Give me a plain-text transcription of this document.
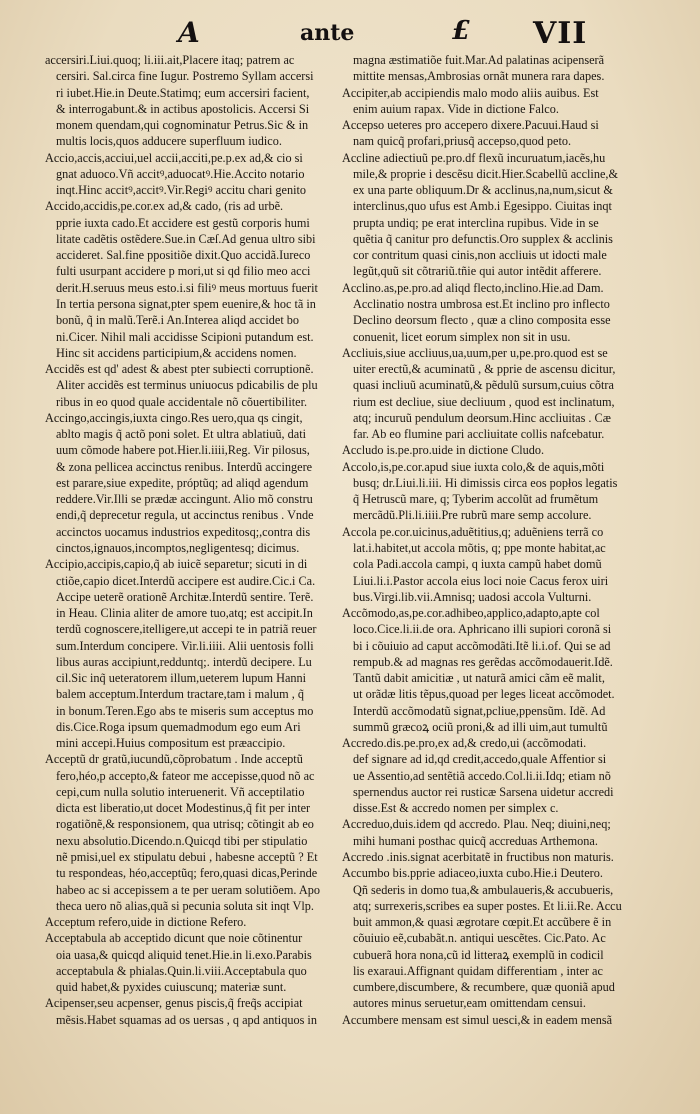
A	ante	£ VII
accersiri.Liui.quoq; li.iii.ait,Placere itaq; patrem ac
cersiri. Sal.circa fine Iugur. Postremo Syllam accersi
ri iubet.Hie.in Deute.Statimq; eum accersiri facient,
& interrogabunt.& in actibus apostolicis. Accersi Si
monem quendam,qui cognominatur Petrus.Sic & in
multis locis,quos adducere superfluum iudico.
Accio,accis,acciui,uel accii,acciti,pe.p.ex ad,& cio si
gnat aduoco.Vñ accitꝰ,aduocatꝰ.Hie.Accito notario
inqt.Hinc accitꝰ,accitꝰ.Vir.Regiꝰ accitu chari genito
Accido,accidis,pe.cor.ex ad,& cado, (ris ad urbẽ.
pprie iuxta cado.Et accidere est gestũ corporis humi
litate cadẽtis ostẽdere.Sue.in Cæſ.Ad genua ultro sibi
accideret. Sal.fine ppositiõe dixit.Quo accidã.Iureco
fulti usurpant accidere p mori,ut si qd filio meo acci
derit.H.seruus meus esto.i.si filiꝰ meus mortuus fuerit
In tertia persona signat,pter spem euenire,& hoc tã in
bonũ, q̃ in malũ.Terẽ.i An.Interea aliqd accidet bo
ni.Cicer. Nihil mali accidisse Scipioni putandum est.
Hinc sit accidens participium,& accidens nomen.
Accidẽs est qd' adest & abest pter subiecti corruptionẽ.
Aliter accidẽs est terminus uniuocus pdicabilis de plu
ribus in eo quod quale accidentale nõ cõuertibiliter.
Accingo,accingis,iuxta cingo.Res uero,qua qs cingit,
ablto magis q̃ actõ poni solet. Et ultra ablatiuũ, dati
uum cõmode habere pot.Hier.li.iiii,Reg. Vir pilosus,
& zona pellicea accinctus renibus. Interdũ accingere
est parare,siue expedite, próptũq; ad aliqd agendum
reddere.Vir.Illi se prædæ accingunt. Alio mõ constru
endi,q̃ deprecetur regula, ut accinctus renibus . Vnde
accinctos uocamus industrios expeditosq;,contra dis
cinctos,ignauos,incomptos,negligentesq; dicimus.
Accipio,accipis,capio,q̃ ab iuicẽ separetur; sicuti in di
ctiõe,capio dicet.Interdũ accipere est audire.Cic.i Ca.
Accipe ueterẽ orationẽ Architæ.Interdũ sentire. Terẽ.
in Heau. Clinia aliter de amore tuo,atq; est accipit.In
terdũ cognoscere,itelligere,ut accepi te in patriã reuer
sum.Interdum concipere. Vir.li.iiii. Alii uentosis folli
libus auras accipiunt,redduntq;. interdũ decipere. Lu
cil.Sic inq̃ ueteratorem illum,ueterem lupum Hanni
balem acceptum.Interdum tractare,tam i malum , q̃
in bonum.Teren.Ego abs te miseris sum acceptus mo
dis.Cice.Roga ipsum quemadmodum ego eum Ari
mini accepi.Huius compositum est præaccipio.
Acceptũ dr gratũ,iucundũ,cõprobatum . Inde acceptũ
fero,héo,p accepto,& fateor me accepisse,quod nõ ac
cepi,cum nulla solutio interuenerit. Vñ acceptilatio
dicta est liberatio,ut docet Modestinus,q̃ fit per inter
rogatiõnẽ,& responsionem, qua utrisq; cõtingit ab eo
nexu absolutio.Dicendo.n.Quicqd tibi per stipulatio
nẽ pmisi,uel ex stipulatu debui , habesne acceptũ ? Et
tu respondeas, héo,acceptũq; fero,quasi dicas,Perinde
habeo ac si accepissem a te per ueram solutiõem. Apo
theca uero nõ alias,quã si pecunia soluta sit inqt Vlp.
Acceptum refero,uide in dictione Refero.
Acceptabula ab acceptido dicunt que noie cõtinentur
oia uasa,& quicqd aliquid tenet.Hie.in li.exo.Parabis
acceptabula & phialas.Quin.li.viii.Acceptabula quo
quid habet,& pyxides cuiuscunq; materiæ sunt.
Acipenser,seu acpenser, genus piscis,q̃ freq̃s accipiat
mẽsis.Habet squamas ad os uersas , q apd antiquos in
magna æstimatiõe fuit.Mar.Ad palatinas acipenserã
mittite mensas,Ambrosias ornãt munera rara dapes.
Accipiter,ab accipiendis malo modo aliis auibus. Est
enim auium rapax. Vide in dictione Falco.
Accepso ueteres pro accepero dixere.Pacuui.Haud si
nam quicq̃ profari,priusq̃ accepso,quod peto.
Accline adiectiuũ pe.pro.df flexũ incuruatum,iacẽs,hu
mile,& proprie i descẽsu dicit.Hier.Scabellũ accline,&
ex una parte obliquum.Dr & acclinus,na,num,sicut &
interclinus,quo ufus est Amb.i Egesippo. Ciuitas inqt
prupta undiq; pe erat interclina rupibus. Vide in se
quẽtia q̃ canitur pro defunctis.Oro supplex & acclinis
cor contritum quasi cinis,non accliuis ut idocti male
legũt,quũ sit cõtrariũ.tñie qui autor intẽdit afferere.
Acclino.as,pe.pro.ad aliqd flecto,inclino.Hie.ad Dam.
Acclinatio nostra umbrosa est.Et inclino pro inflecto
Declino deorsum flecto , quæ a clino composita esse
conuenit, licet eorum simplex non sit in usu.
Accliuis,siue accliuus,ua,uum,per u,pe.pro.quod est se
uiter erectũ,& acuminatũ , & pprie de ascensu dicitur,
quasi incliuũ acuminatũ,& pẽdulũ sursum,cuius cõtra
rium est decliue, siue decliuum , quod est inclinatum,
atq; incuruũ pendulum deorsum.Hinc accliuitas . Cæ
far. Ab eo flumine pari accliuitate collis nafcebatur.
Accludo is.pe.pro.uide in dictione Cludo.
Accolo,is,pe.cor.apud siue iuxta colo,& de aquis,mõti
busq; dr.Liui.li.iii. Hi dimissis circa eos popłos legatis
q̃ Hetruscũ mare, q; Tyberim accolũt ad frumẽtum
mercãdũ.Pli.li.iiii.Pre rubrũ mare semp accolure.
Accola pe.cor.uicinus,aduẽtitius,q; aduẽniens terrã co
lat.i.habitet,ut accola mõtis, q; ppe monte habitat,ac
cola Padi.accola campi, q iuxta campũ habet domũ
Liui.li.i.Pastor accola eius loci noie Cacus ferox uiri
bus.Virgi.lib.vii.Amnisq; uadosi accola Vulturni.
Accõmodo,as,pe.cor.adhibeo,applico,adapto,apte col
loco.Cice.li.ii.de ora. Aphricano illi supiori coronã si
bi i cõuiuio ad caput accõmodãti.Itẽ li.i.of. Qui se ad
rempub.& ad magnas res gerẽdas accõmodauerit.Idẽ.
Tantũ dabit amicitiæ , ut naturã amici cãm eẽ malit,
ut orãdæ litis tẽpus,quoad per leges liceat accõmodet.
Interdũ accõmodatũ signat,pcliue,ppensũm. Idẽ. Ad
summũ græcoꝝ ociũ proni,& ad illi uim,aut tumultũ
Accredo.dis.pe.pro,ex ad,& credo,ui (accõmodati.
def signare ad id,qd credit,accedo,quale Affentior si
ue Assentio,ad sentẽtiã accedo.Col.li.ii.Idq; etiam nõ
spernendus auctor rei rusticæ Sarsena uidetur accredi
disse.Est & accredo nomen per simplex c.
Accreduo,duis.idem qd accredo. Plau. Neq; diuini,neq;
mihi humani posthac quicq̃ accreduas Arthemona.
Accredo .inis.signat acerbitatẽ in fructibus non maturis.
Accumbo bis.pprie adiaceo,iuxta cubo.Hie.i Deutero.
Qñ sederis in domo tua,& ambulaueris,& accubueris,
atq; surrexeris,scribes ea super postes. Et li.ii.Re. Accu
buit ammon,& quasi ægrotare cœpit.Et accũbere ẽ in
cõuiuio eẽ,cubabãt.n. antiqui uescẽtes. Cic.Pato. Ac
cubuerã hora nona,cũ id litteraꝝ exemplũ in codicil
lis exaraui.Affignant quidam differentiam , inter ac
cumbere,discumbere, & recumbere, quæ quoniã apud
autores minus seruetur,eam omittendam censui.
Accumbere mensam est simul uesci,& in eadem mensã
